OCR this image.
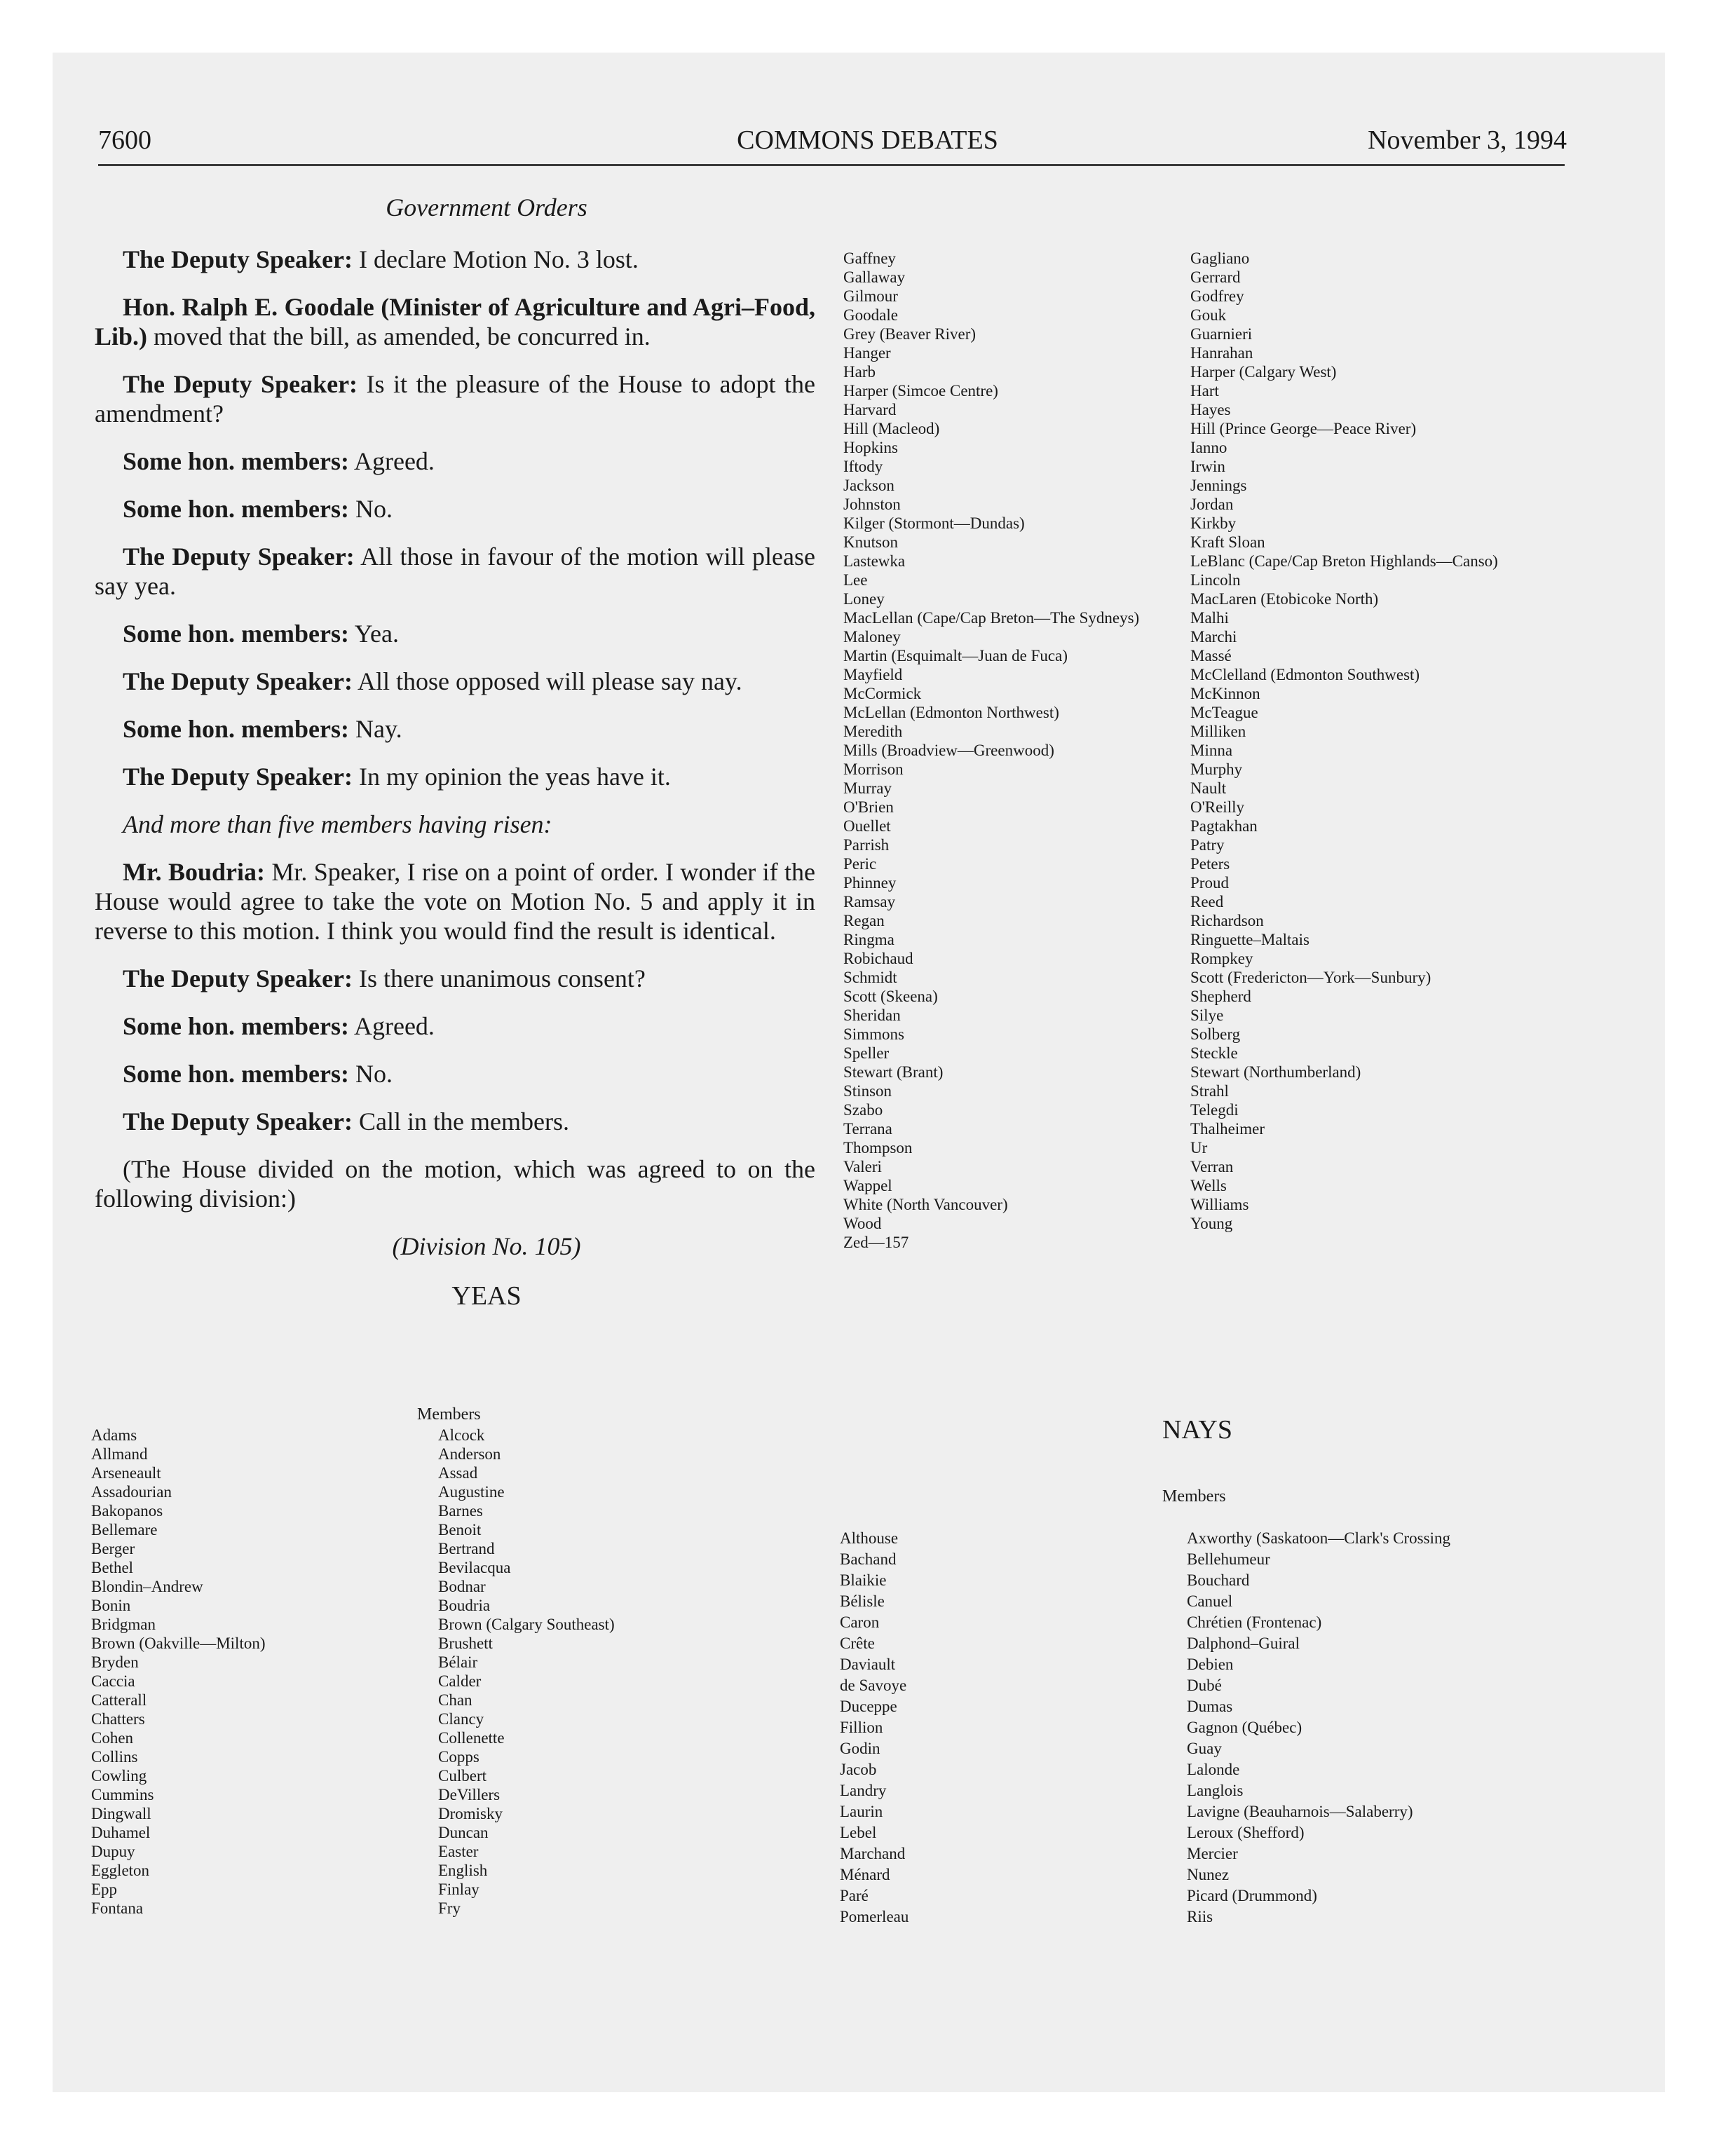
7600	COMMONS DEBATES	November 3, 1994
Government Orders
The Deputy Speaker: I declare Motion No. 3 lost.
Hon. Ralph E. Goodale (Minister of Agriculture and Agri–Food, Lib.) moved that the bill, as amended, be concurred in.
The Deputy Speaker: Is it the pleasure of the House to adopt the amendment?
Some hon. members: Agreed.
Some hon. members: No.
The Deputy Speaker: All those in favour of the motion will please say yea.
Some hon. members: Yea.
The Deputy Speaker: All those opposed will please say nay.
Some hon. members: Nay.
The Deputy Speaker: In my opinion the yeas have it.
And more than five members having risen:
Mr. Boudria: Mr. Speaker, I rise on a point of order. I wonder if the House would agree to take the vote on Motion No. 5 and apply it in reverse to this motion. I think you would find the result is identical.
The Deputy Speaker: Is there unanimous consent?
Some hon. members: Agreed.
Some hon. members: No.
The Deputy Speaker: Call in the members.
(The House divided on the motion, which was agreed to on the following division:)
(Division No. 105)
YEAS
Members
Adams
Allmand
Arseneault
Assadourian
Bakopanos
Bellemare
Berger
Bethel
Blondin–Andrew
Bonin
Bridgman
Brown (Oakville—Milton)
Bryden
Caccia
Catterall
Chatters
Cohen
Collins
Cowling
Cummins
Dingwall
Duhamel
Dupuy
Eggleton
Epp
Fontana
Alcock
Anderson
Assad
Augustine
Barnes
Benoit
Bertrand
Bevilacqua
Bodnar
Boudria
Brown (Calgary Southeast)
Brushett
Bélair
Calder
Chan
Clancy
Collenette
Copps
Culbert
DeVillers
Dromisky
Duncan
Easter
English
Finlay
Fry
Gaffney
Gallaway
Gilmour
Goodale
Grey (Beaver River)
Hanger
Harb
Harper (Simcoe Centre)
Harvard
Hill (Macleod)
Hopkins
Iftody
Jackson
Johnston
Kilger (Stormont—Dundas)
Knutson
Lastewka
Lee
Loney
MacLellan (Cape/Cap Breton—The Sydneys)
Maloney
Martin (Esquimalt—Juan de Fuca)
Mayfield
McCormick
McLellan (Edmonton Northwest)
Meredith
Mills (Broadview—Greenwood)
Morrison
Murray
O'Brien
Ouellet
Parrish
Peric
Phinney
Ramsay
Regan
Ringma
Robichaud
Schmidt
Scott (Skeena)
Sheridan
Simmons
Speller
Stewart (Brant)
Stinson
Szabo
Terrana
Thompson
Valeri
Wappel
White (North Vancouver)
Wood
Zed—157
Gagliano
Gerrard
Godfrey
Gouk
Guarnieri
Hanrahan
Harper (Calgary West)
Hart
Hayes
Hill (Prince George—Peace River)
Ianno
Irwin
Jennings
Jordan
Kirkby
Kraft Sloan
LeBlanc (Cape/Cap Breton Highlands—Canso)
Lincoln
MacLaren (Etobicoke North)
Malhi
Marchi
Massé
McClelland (Edmonton Southwest)
McKinnon
McTeague
Milliken
Minna
Murphy
Nault
O'Reilly
Pagtakhan
Patry
Peters
Proud
Reed
Richardson
Ringuette–Maltais
Rompkey
Scott (Fredericton—York—Sunbury)
Shepherd
Silye
Solberg
Steckle
Stewart (Northumberland)
Strahl
Telegdi
Thalheimer
Ur
Verran
Wells
Williams
Young
NAYS
Members
Althouse
Bachand
Blaikie
Bélisle
Caron
Crête
Daviault
de Savoye
Duceppe
Fillion
Godin
Jacob
Landry
Laurin
Lebel
Marchand
Ménard
Paré
Pomerleau
Axworthy (Saskatoon—Clark's Crossing
Bellehumeur
Bouchard
Canuel
Chrétien (Frontenac)
Dalphond–Guiral
Debien
Dubé
Dumas
Gagnon (Québec)
Guay
Lalonde
Langlois
Lavigne (Beauharnois—Salaberry)
Leroux (Shefford)
Mercier
Nunez
Picard (Drummond)
Riis
